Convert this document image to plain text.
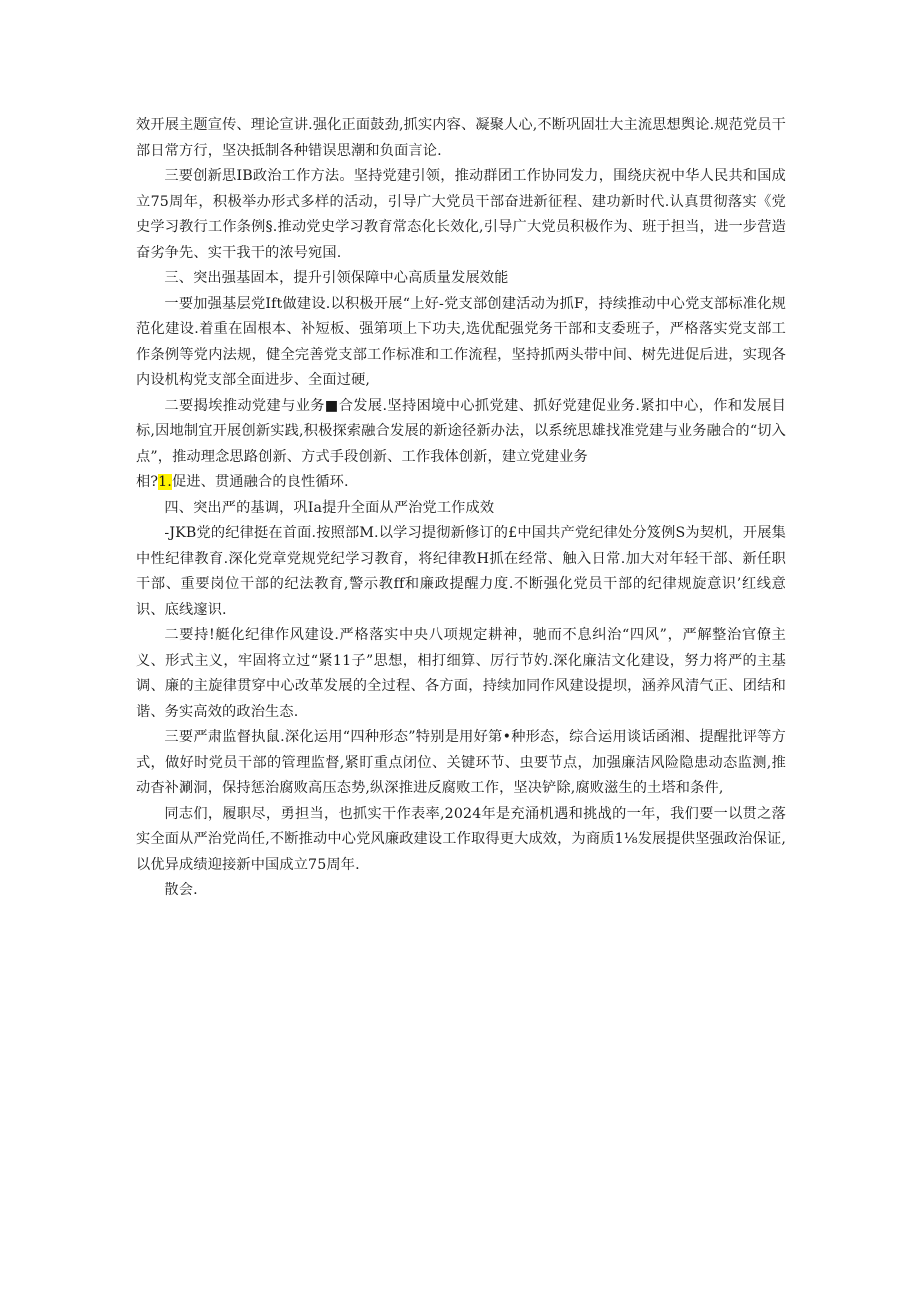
效开展主题宣传、理论宣讲.强化正面鼓劲,抓实内容、凝聚人心,不断巩固壮大主流思想舆论.规范党员干部日常方行，坚决抵制各种错误思潮和负面言论.

三要创新思IB政治工作方法。坚持党建引领，推动群团工作协同发力，围绕庆祝中华人民共和国成立75周年，积极举办形式多样的活动，引导广大党员干部奋进新征程、建功新时代.认真贯彻落实《党史学习教行工作条例§.推动党史学习教育常态化长效化,引导广大党员积极作为、班于担当，进一步营造奋劣争先、实干我干的浓号宛国.

三、突出强基固本，提升引领保障中心高质量发展效能

一要加强基层党Ift做建设.以积极开展“上好-党支部创建活动为抓F，持续推动中心党支部标准化规范化建设.着重在固根本、补短板、强第项上下功夫,选优配强党务干部和支委班子，严格落实党支部工作条例等党内法规，健全完善党支部工作标准和工作流程，坚持抓两头带中间、树先进促后进，实现各内设机构党支部全面进步、全面过硬,

二要揭埃推动党建与业务■合发展.坚持困境中心抓党建、抓好党建促业务.紧扣中心，作和发展目标,因地制宜开展创新实践,积极探索融合发展的新途径新办法，以系统思雄找准党建与业务融合的“切入点”，推动理念思路创新、方式手段创新、工作我体创新，建立党建业务

相?1.促进、贯通融合的良性循环.

四、突出严的基调，巩Ia提升全面从严治党工作成效

-JKB党的纪律挺在首面.按照部M.以学习提彻新修订的£中国共产党纪律处分笈例S为契机，开展集中性纪律教育.深化党章党规党纪学习教育，将纪律教H抓在经常、触入日常.加大对年轻干部、新任职干部、重要岗位干部的纪法教育,警示教ff和廉政提醒力度.不断强化党员干部的纪律规旋意识’红线意识、底线邃识.

二要持!艇化纪律作风建设.严格落实中央八项规定耕神，驰而不息纠治“四风”，严解整治官僚主义、形式主义，牢固将立过“紧11子”思想，相打细算、厉行节妁.深化廉洁文化建设，努力将严的主基调、廉的主旋律贯穿中心改革发展的全过程、各方面，持续加同作风建设提坝，涵养风清气正、团结和谐、务实高效的政治生态.

三要严肃监督执鼠.深化运用“四种形态”特别是用好第•种形态，综合运用谈话函湘、提醒批评等方式，做好时党员干部的管理监督,紧盯重点闭位、关键环节、虫要节点，加强廉洁风险隐患动态监测,推动杳补涮洞，保持惩治腐败高压态势,纵深推进反腐败工作，坚决铲除,腐败滋生的土塔和条件,

同志们，履职尽，勇担当，也抓实干作表率,2024年是充涌机遇和挑战的一年，我们要一以贯之落实全面从严治党尚任,不断推动中心党风廉政建设工作取得更大成效，为商质1⅛发展提供坚强政治保证,以优异成绩迎接新中国成立75周年.

散会.
